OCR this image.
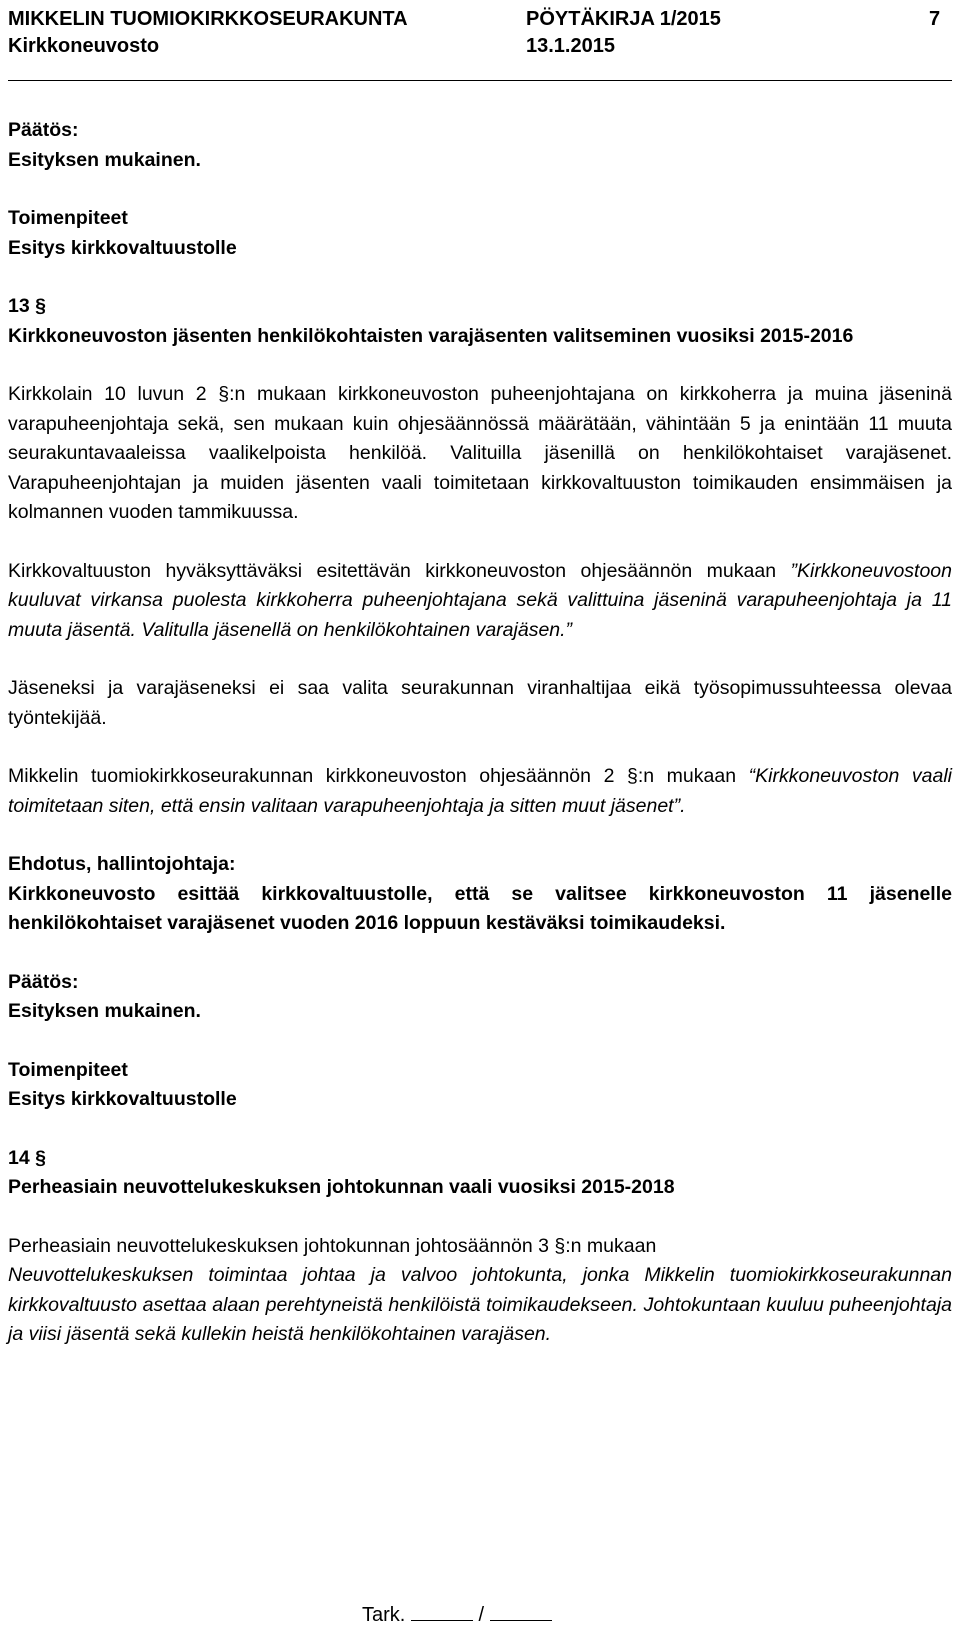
MIKKELIN TUOMIOKIRKKOSEURAKUNTA	PÖYTÄKIRJA 1/2015	7
Kirkkoneuvosto	13.1.2015

Päätös:

Esityksen mukainen.

Toimenpiteet

Esitys kirkkovaltuustolle

13 §

Kirkkoneuvoston jäsenten henkilökohtaisten varajäsenten valitseminen vuosiksi 2015-2016

Kirkkolain 10 luvun 2 §:n mukaan kirkkoneuvoston puheenjohtajana on kirkkoherra ja muina jäseninä varapuheenjohtaja sekä, sen mukaan kuin ohjesäännössä määrätään, vähintään 5 ja enintään 11 muuta seurakuntavaaleissa vaalikelpoista henkilöä. Valituilla jäsenillä on henkilökohtaiset varajäsenet. Varapuheenjohtajan ja muiden jäsenten vaali toimitetaan kirkkovaltuuston toimikauden ensimmäisen ja kolmannen vuoden tammikuussa.

Kirkkovaltuuston hyväksyttäväksi esitettävän kirkkoneuvoston ohjesäännön mukaan ”Kirkkoneuvostoon kuuluvat virkansa puolesta kirkkoherra puheenjohtajana sekä valittuina jäseninä varapuheenjohtaja ja 11 muuta jäsentä. Valitulla jäsenellä on henkilökohtainen varajäsen.”

Jäseneksi ja varajäseneksi ei saa valita seurakunnan viranhaltijaa eikä työsopimussuhteessa olevaa työntekijää.

Mikkelin tuomiokirkkoseurakunnan kirkkoneuvoston ohjesäännön 2 §:n mukaan “Kirkkoneuvoston vaali toimitetaan siten, että ensin valitaan varapuheenjohtaja ja sitten muut jäsenet”.

Ehdotus, hallintojohtaja:

Kirkkoneuvosto esittää kirkkovaltuustolle, että se valitsee kirkkoneuvoston 11 jäsenelle henkilökohtaiset varajäsenet vuoden 2016 loppuun kestäväksi toimikaudeksi.

Päätös:

Esityksen mukainen.

Toimenpiteet

Esitys kirkkovaltuustolle

14 §

Perheasiain neuvottelukeskuksen johtokunnan vaali vuosiksi 2015-2018

Perheasiain neuvottelukeskuksen johtokunnan johtosäännön 3 §:n mukaan

Neuvottelukeskuksen toimintaa johtaa ja valvoo johtokunta, jonka Mikkelin tuomiokirkkoseurakunnan kirkkovaltuusto asettaa alaan perehtyneistä henkilöistä toimikaudekseen. Johtokuntaan kuuluu puheenjohtaja ja viisi jäsentä sekä kullekin heistä henkilökohtainen varajäsen.

Tark.	/
